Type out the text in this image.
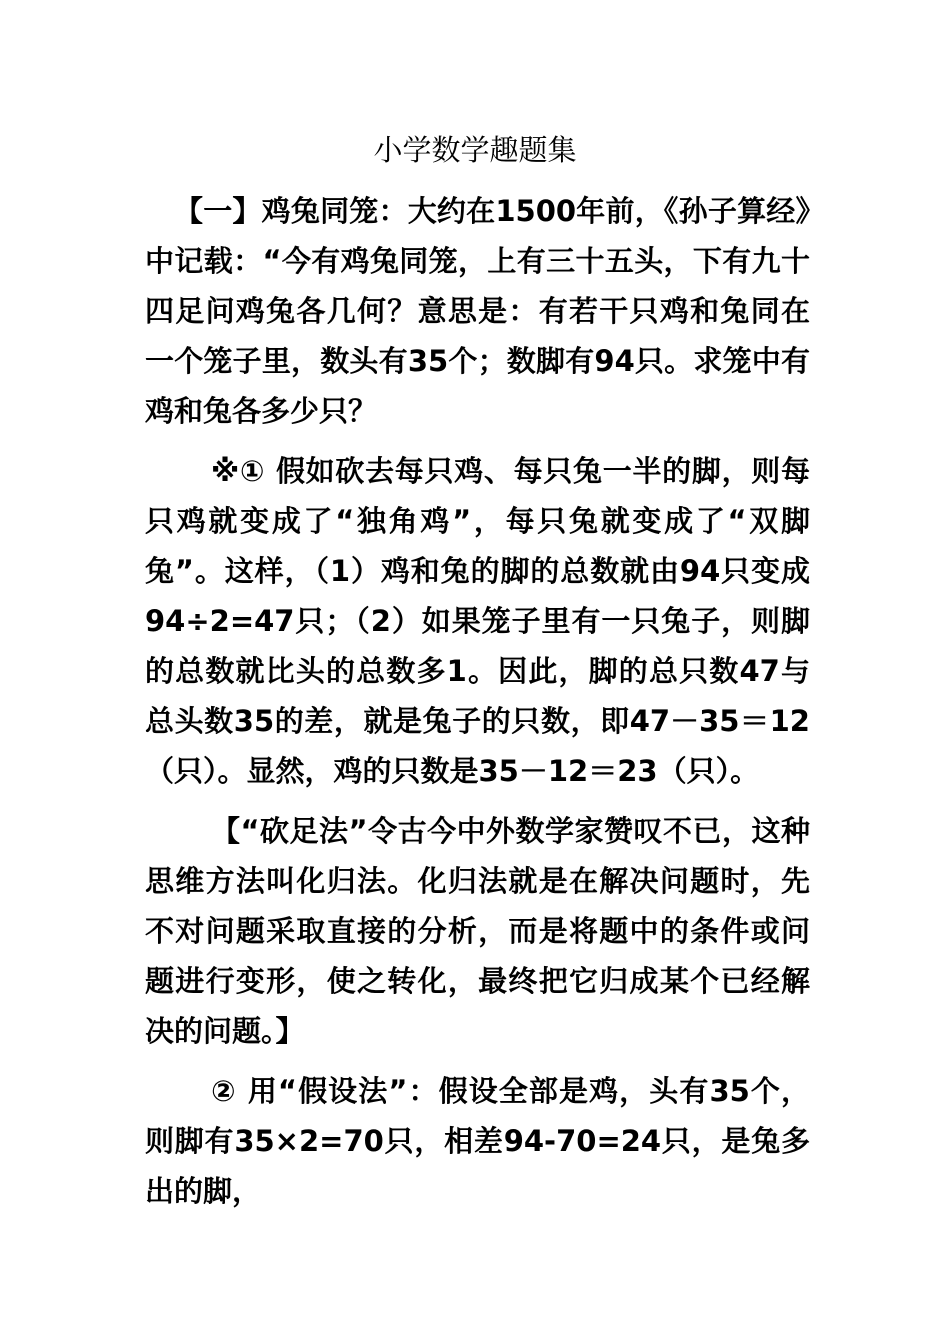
小学数学趣题集

【一】鸡兔同笼：大约在1500年前，《孙子算经》中记载：“今有鸡兔同笼，上有三十五头，下有九十四足问鸡兔各几何？意思是：有若干只鸡和兔同在一个笼子里，数头有35个；数脚有94只。求笼中有鸡和兔各多少只？

※① 假如砍去每只鸡、每只兔一半的脚，则每只鸡就变成了“独角鸡”，每只兔就变成了“双脚兔”。这样，（1）鸡和兔的脚的总数就由94只变成94÷2=47只；（2）如果笼子里有一只兔子，则脚的总数就比头的总数多1。因此，脚的总只数47与总头数35的差，就是兔子的只数，即47－35＝12（只）。显然，鸡的只数是35－12＝23（只）。

【“砍足法”令古今中外数学家赞叹不已，这种思维方法叫化归法。化归法就是在解决问题时，先不对问题采取直接的分析，而是将题中的条件或问题进行变形，使之转化，最终把它归成某个已经解决的问题。】

② 用“假设法”：假设全部是鸡，头有35个，则脚有35×2=70只，相差94-70=24只，是兔多出的脚，
